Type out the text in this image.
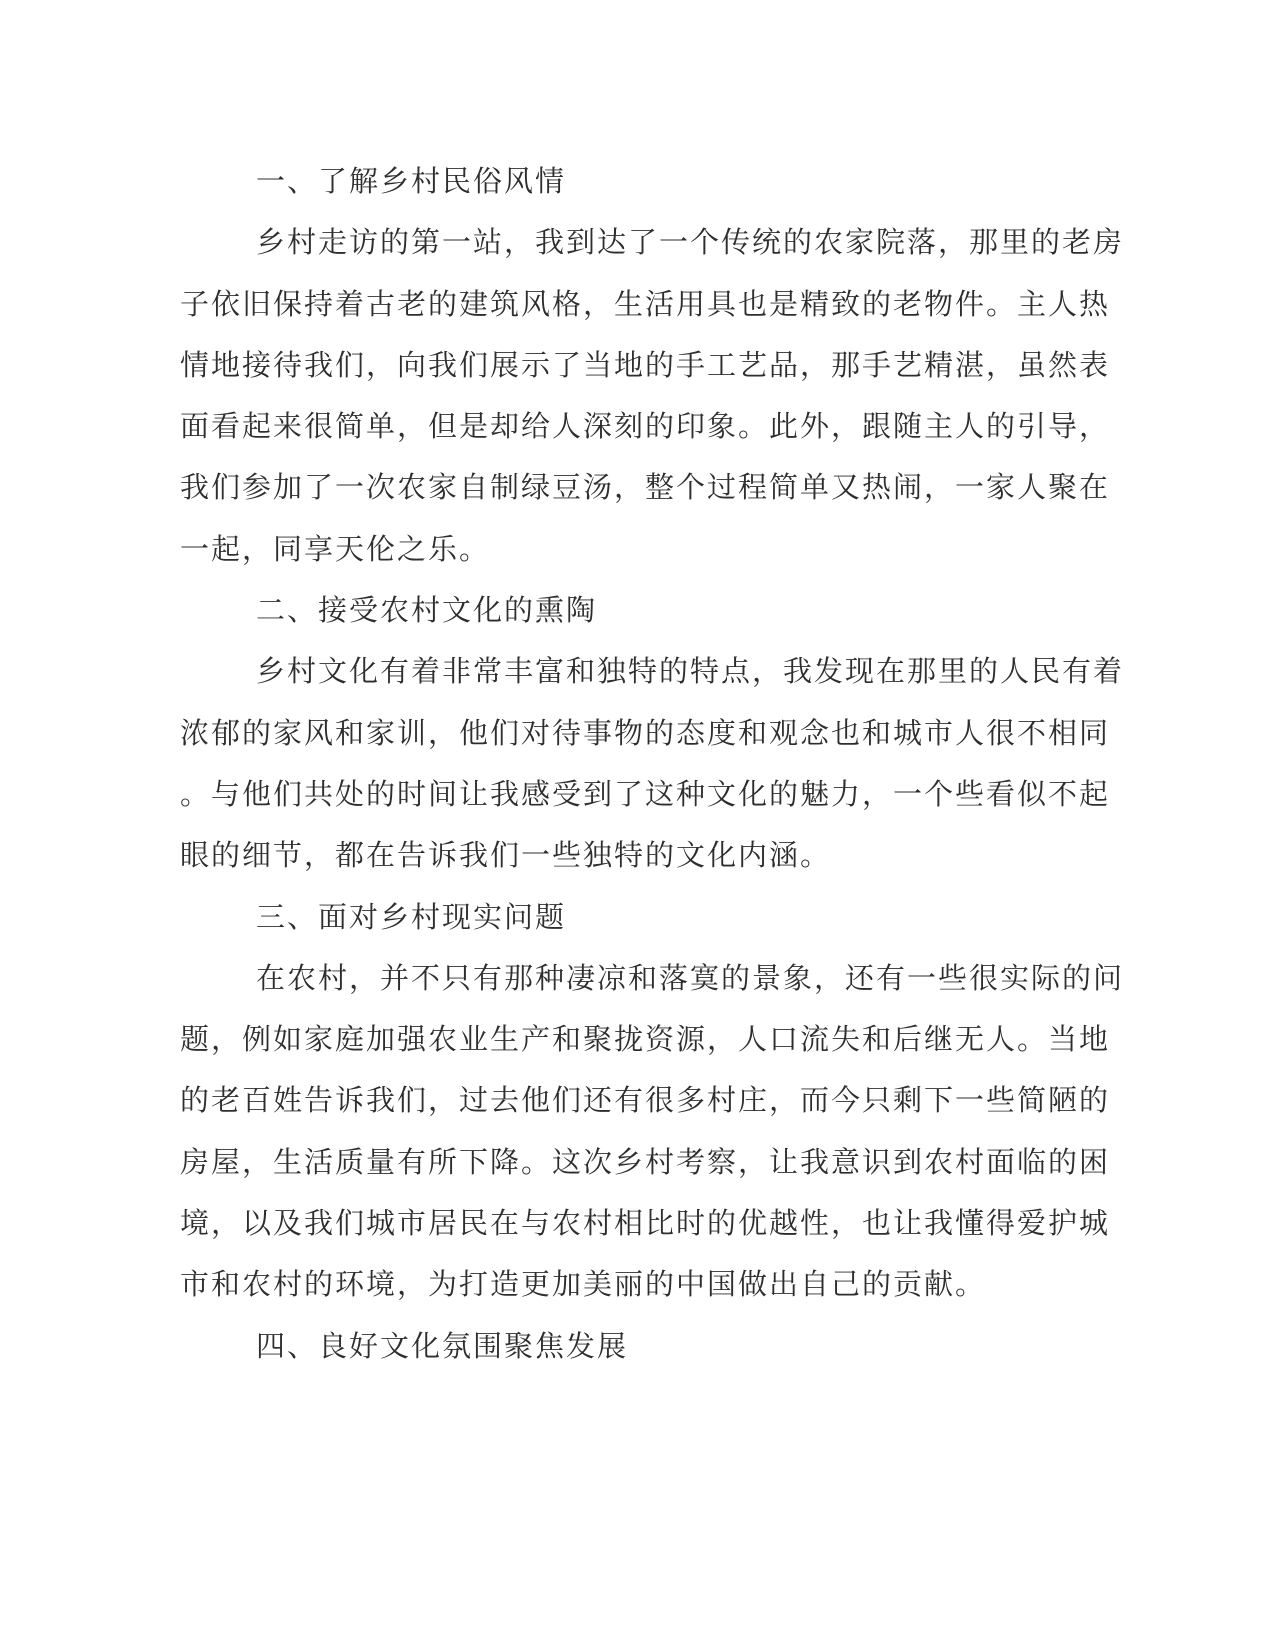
一、了解乡村民俗风情
乡村走访的第一站，我到达了一个传统的农家院落，那里的老房
子依旧保持着古老的建筑风格，生活用具也是精致的老物件。主人热
情地接待我们，向我们展示了当地的手工艺品，那手艺精湛，虽然表
面看起来很简单，但是却给人深刻的印象。此外，跟随主人的引导，
我们参加了一次农家自制绿豆汤，整个过程简单又热闹，一家人聚在
一起，同享天伦之乐。
二、接受农村文化的熏陶
乡村文化有着非常丰富和独特的特点，我发现在那里的人民有着
浓郁的家风和家训，他们对待事物的态度和观念也和城市人很不相同
。与他们共处的时间让我感受到了这种文化的魅力，一个些看似不起
眼的细节，都在告诉我们一些独特的文化内涵。
三、面对乡村现实问题
在农村，并不只有那种凄凉和落寞的景象，还有一些很实际的问
题，例如家庭加强农业生产和聚拢资源，人口流失和后继无人。当地
的老百姓告诉我们，过去他们还有很多村庄，而今只剩下一些简陋的
房屋，生活质量有所下降。这次乡村考察，让我意识到农村面临的困
境，以及我们城市居民在与农村相比时的优越性，也让我懂得爱护城
市和农村的环境，为打造更加美丽的中国做出自己的贡献。
四、良好文化氛围聚焦发展
